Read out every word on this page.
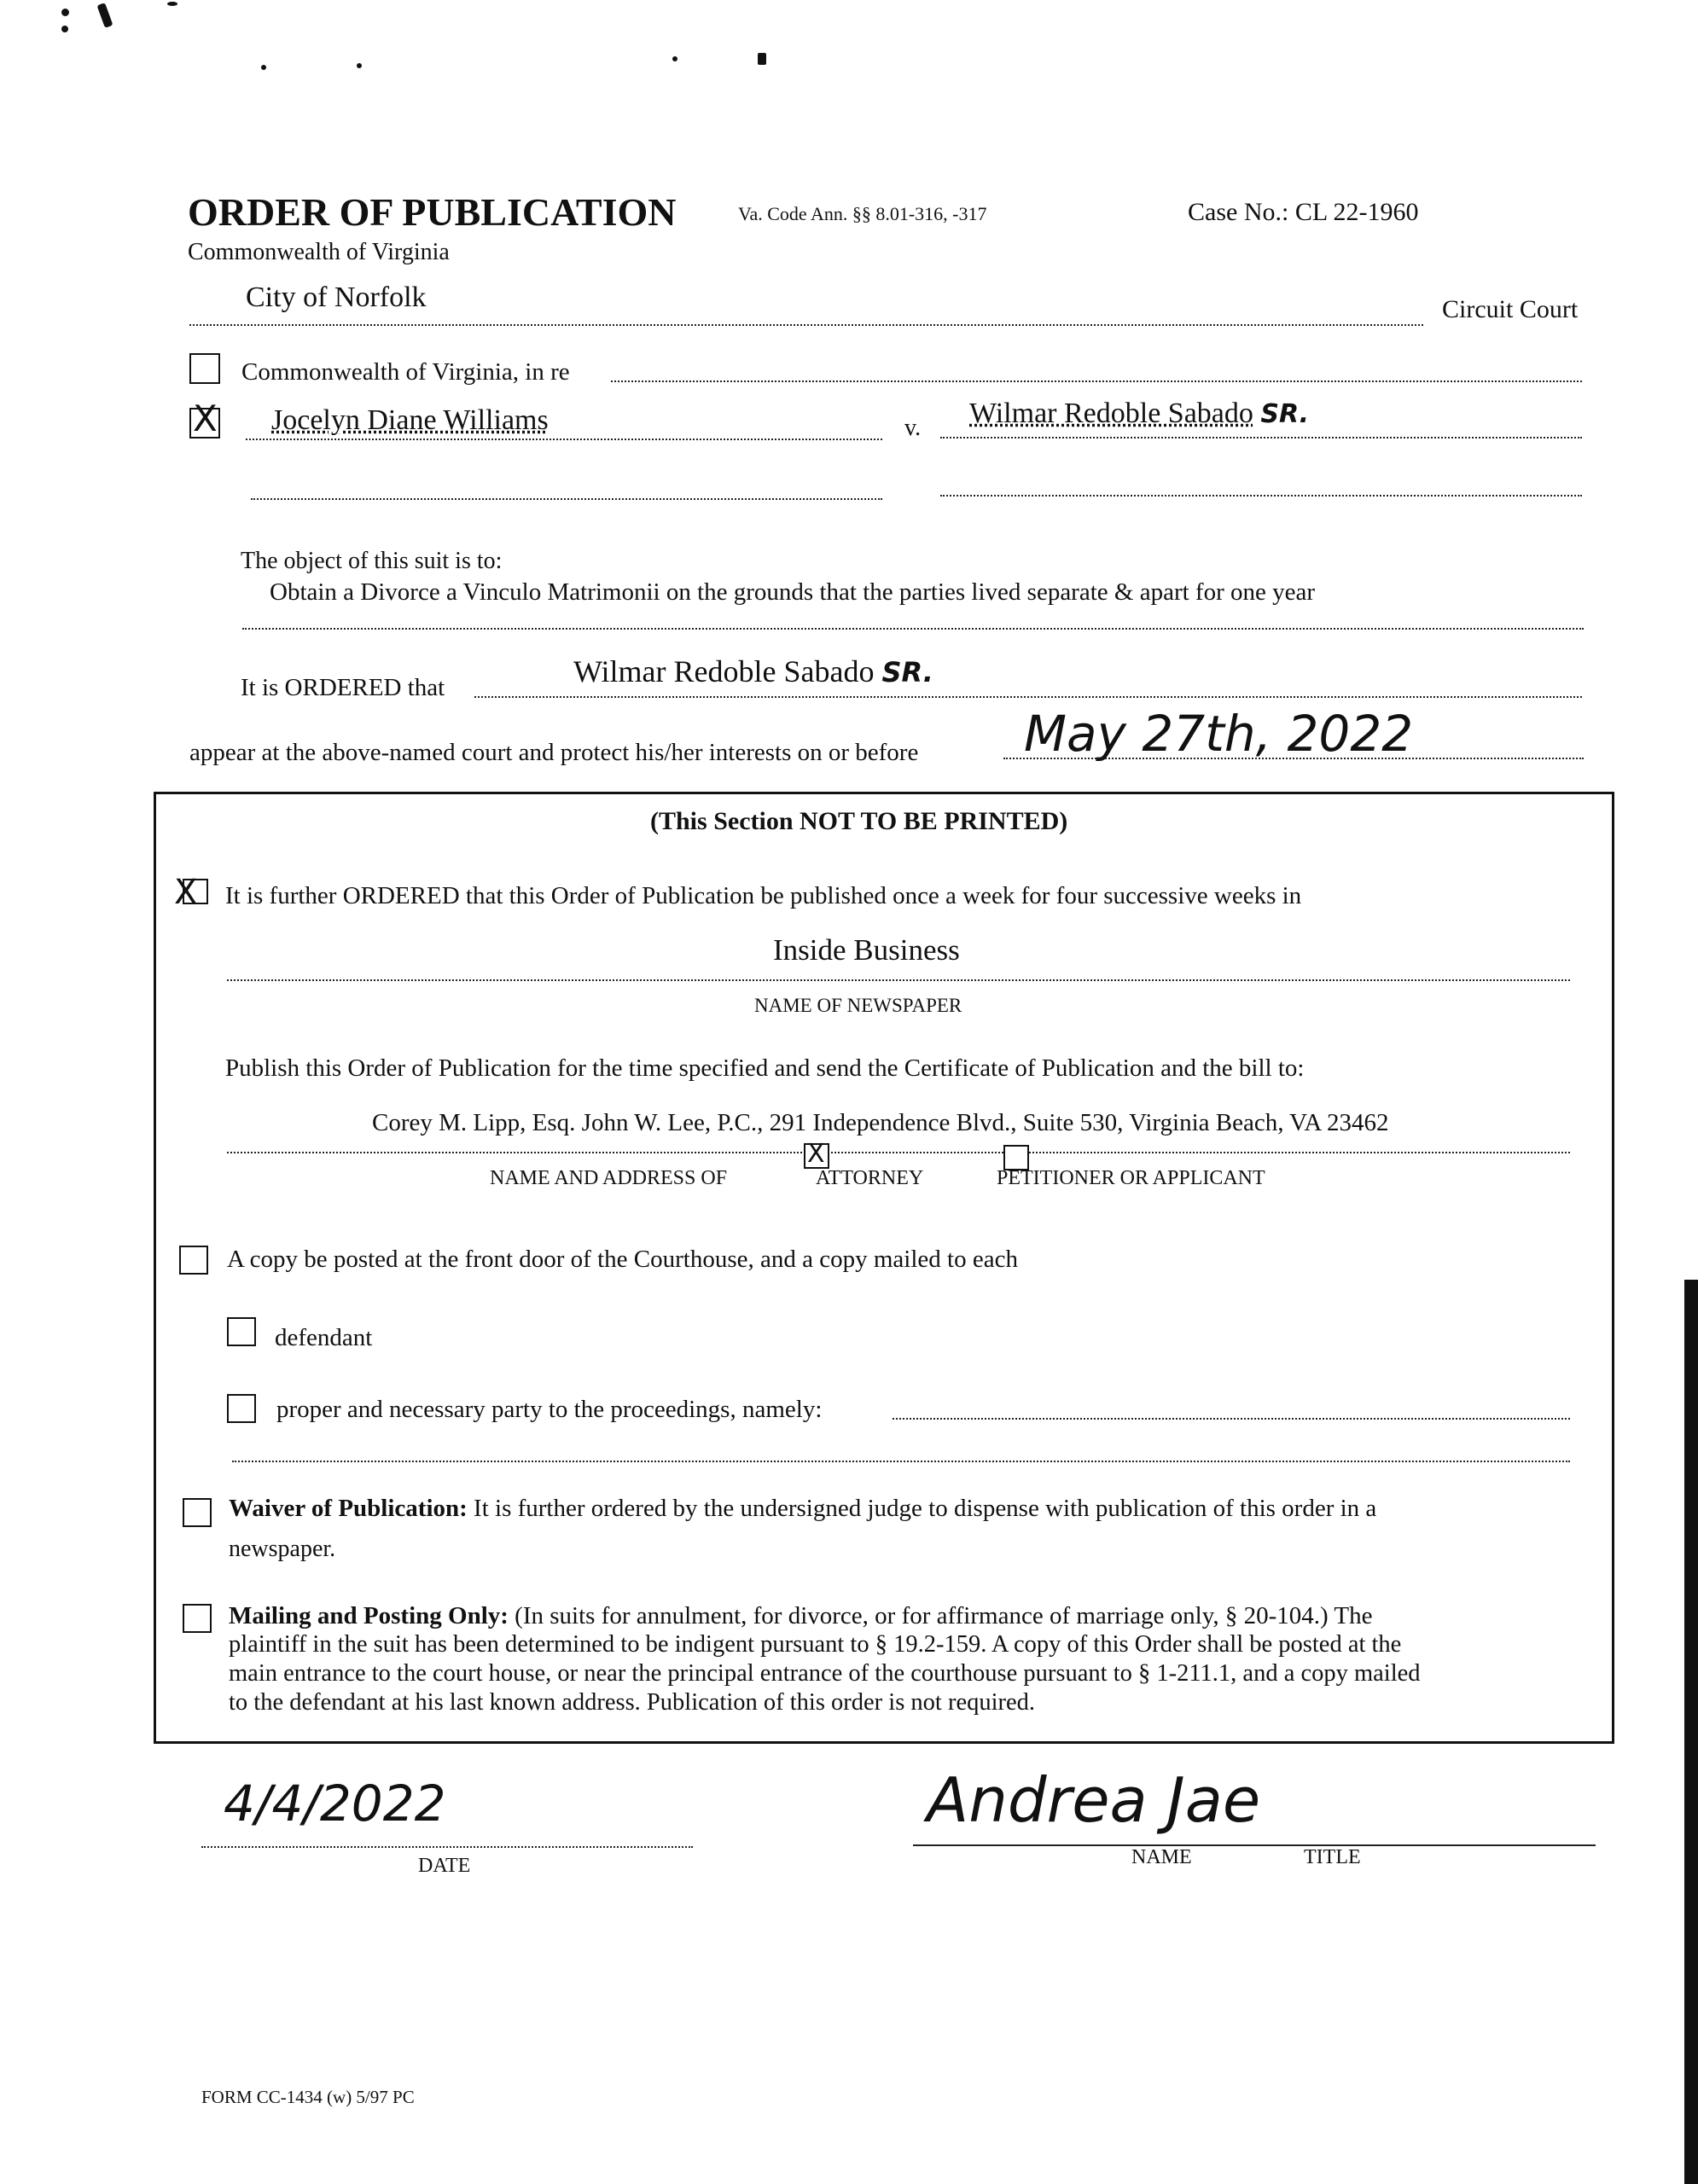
ORDER OF PUBLICATION	Va. Code Ann. §§ 8.01-316, -317	Case No.: CL 22-1960
Commonwealth of Virginia
City of Norfolk	Circuit Court
Commonwealth of Virginia, in re
X Jocelyn Diane Williams	v. Wilmar Redoble Sabado SR.
The object of this suit is to:
Obtain a Divorce a Vinculo Matrimonii on the grounds that the parties lived separate & apart for one year
It is ORDERED that	Wilmar Redoble Sabado SR.
appear at the above-named court and protect his/her interests on or before May 27th, 2022
(This Section NOT TO BE PRINTED)
X It is further ORDERED that this Order of Publication be published once a week for four successive weeks in
Inside Business
NAME OF NEWSPAPER
Publish this Order of Publication for the time specified and send the Certificate of Publication and the bill to:
Corey M. Lipp, Esq. John W. Lee, P.C., 291 Independence Blvd., Suite 530, Virginia Beach, VA 23462
NAME AND ADDRESS OF
X
ATTORNEY	PETITIONER OR APPLICANT
A copy be posted at the front door of the Courthouse, and a copy mailed to each
defendant
proper and necessary party to the proceedings, namely:
Waiver of Publication: It is further ordered by the undersigned judge to dispense with publication of this order in a
newspaper.
Mailing and Posting Only: (In suits for annulment, for divorce, or for affirmance of marriage only, § 20-104.) The
plaintiff in the suit has been determined to be indigent pursuant to § 19.2-159. A copy of this Order shall be posted at the
main entrance to the court house, or near the principal entrance of the courthouse pursuant to § 1-211.1, and a copy mailed
to the defendant at his last known address. Publication of this order is not required.
4/4/2022
DATE
Andrea Jae
NAME	TITLE
FORM CC-1434 (w) 5/97 PC
